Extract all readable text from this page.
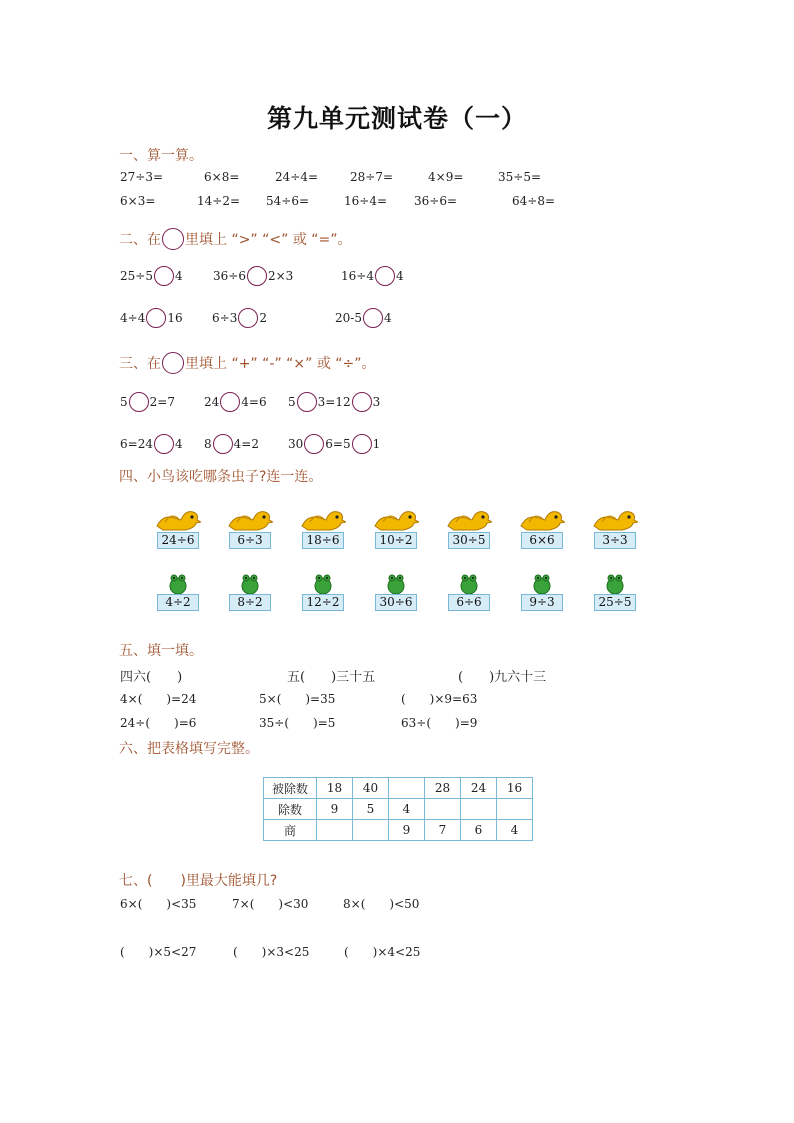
第九单元测试卷（一）
一、算一算。
27÷3=	6×8=	24÷4=	28÷7=	4×9=	35÷5=
6×3=	14÷2= 54÷6=	16÷4= 36÷6=	64÷8=
二、在 里填上 “>” “<” 或 “=”。
25÷5 4	36÷6 2×3	16÷4 4
4÷4 16 6÷3 2	20-5 4
三、在 里填上 “+” “-” “×” 或 “÷”。
5 2=7 24 4=6 5 3=12 3
6=24 4 8 4=2 30 6=5 1
四、小鸟该吃哪条虫子?连一连。
24÷6	6÷3	18÷6	10÷2	30÷5	6×6	3÷3
4÷2	8÷2	12÷2	30÷6	6÷6	9÷3	25÷5
五、填一填。
四六(　　)	五(　　)三十五	(　　)九六十三
4×(　　)=24	5×(　　)=35	(　　)×9=63
24÷(　　)=6	35÷(　　)=5	63÷(　　)=9
六、把表格填写完整。
被除数	18	40		28	24	16
除数	9	5	4			
商			9	7	6	4
七、(　　)里最大能填几?
6×(　　)<35	7×(　　)<30	8×(　　)<50
(　　)×5<27	(　　)×3<25	(　　)×4<25
